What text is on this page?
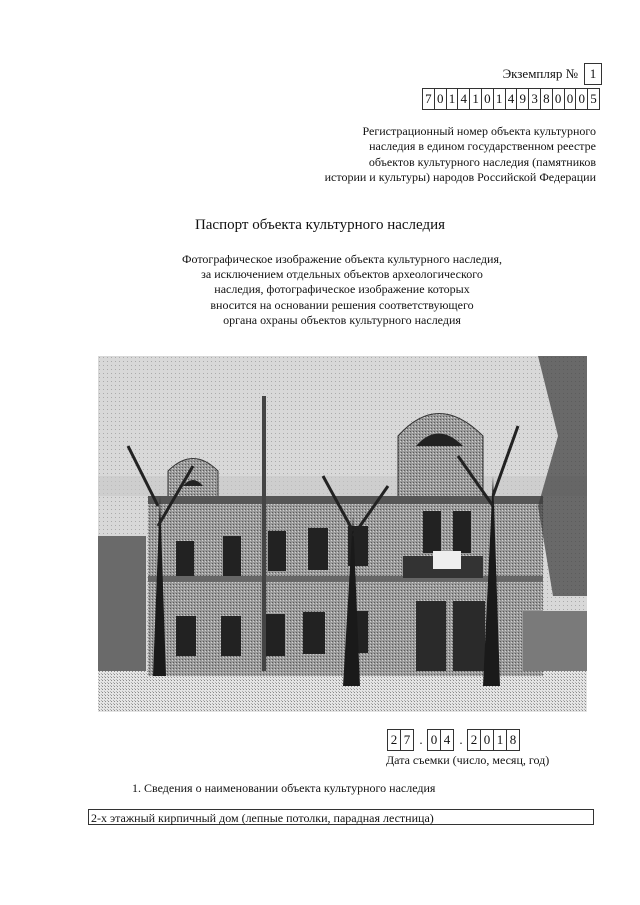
Экземпляр № 1
7 0 1 4 1 0 1 4 9 3 8 0 0 0 5
Регистрационный номер объекта культурного
наследия в едином государственном реестре
объектов культурного наследия (памятников
истории и культуры) народов Российской Федерации
Паспорт объекта культурного наследия
Фотографическое изображение объекта культурного наследия,
за исключением отдельных объектов археологического
наследия, фотографическое изображение которых
вносится на основании решения соответствующего
органа охраны объектов культурного наследия
2 7 . 0 4 . 2 0 1 8
Дата съемки (число, месяц, год)
1. Сведения о наименовании объекта культурного наследия
2-х этажный кирпичный дом (лепные потолки, парадная лестница)
